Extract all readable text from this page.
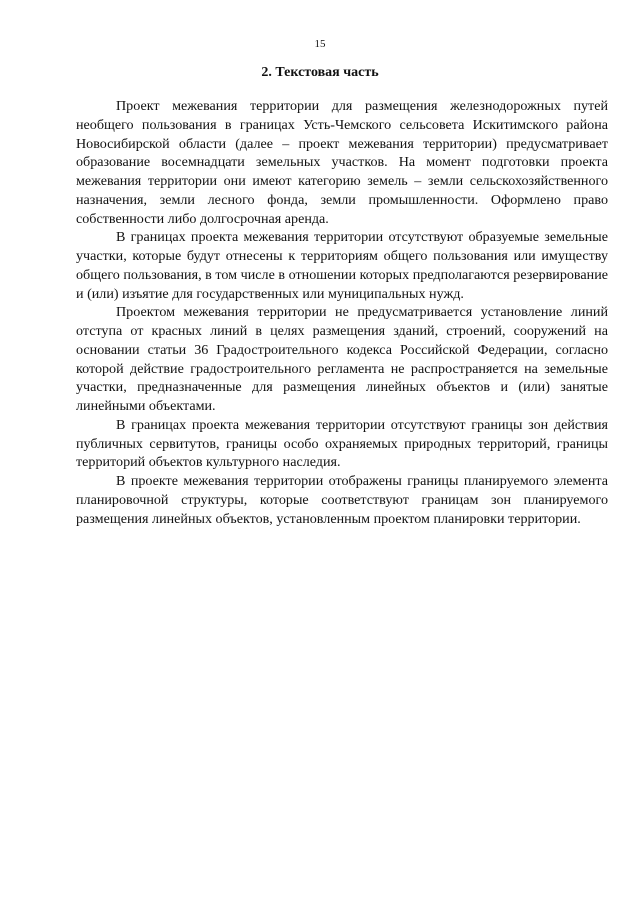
15
2. Текстовая часть

Проект межевания территории для размещения железнодорожных путей необщего пользования в границах Усть-Чемского сельсовета Искитимского района Новосибирской области (далее – проект межевания территории) предусматривает образование восемнадцати земельных участков. На момент подготовки проекта межевания территории они имеют категорию земель – земли сельскохозяйственного назначения, земли лесного фонда, земли промышленности. Оформлено право собственности либо долгосрочная аренда.

В границах проекта межевания территории отсутствуют образуемые земельные участки, которые будут отнесены к территориям общего пользования или имуществу общего пользования, в том числе в отношении которых предполагаются резервирование и (или) изъятие для государственных или муниципальных нужд.

Проектом межевания территории не предусматривается установление линий отступа от красных линий в целях размещения зданий, строений, сооружений на основании статьи 36 Градостроительного кодекса Российской Федерации, согласно которой действие градостроительного регламента не распространяется на земельные участки, предназначенные для размещения линейных объектов и (или) занятые линейными объектами.

В границах проекта межевания территории отсутствуют границы зон действия публичных сервитутов, границы особо охраняемых природных территорий, границы территорий объектов культурного наследия.

В проекте межевания территории отображены границы планируемого элемента планировочной структуры, которые соответствуют границам зон планируемого размещения линейных объектов, установленным проектом планировки территории.
